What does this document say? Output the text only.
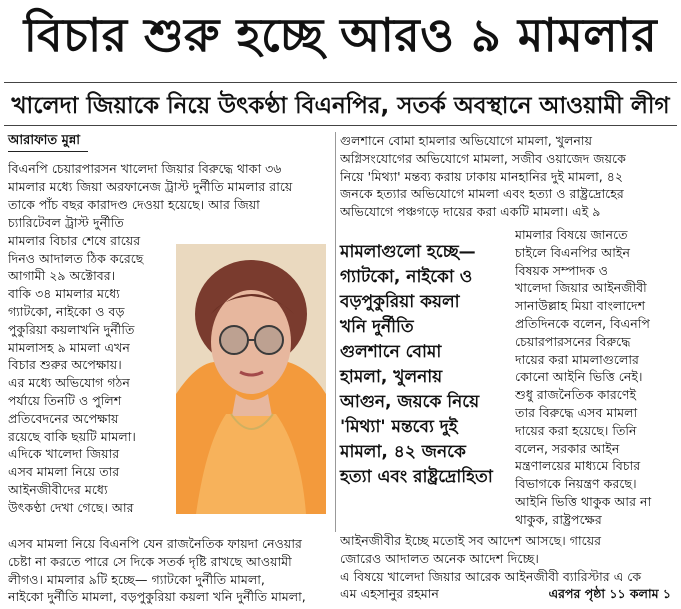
বিচার শুরু হচ্ছে আরও ৯ মামলার
খালেদা জিয়াকে নিয়ে উৎকণ্ঠা বিএনপির, সতর্ক অবস্থানে আওয়ামী লীগ
আরাফাত মুন্না
বিএনপি চেয়ারপারসন খালেদা জিয়ার বিরুদ্ধে থাকা ৩৬
মামলার মধ্যে জিয়া অরফানেজ ট্রাস্ট দুর্নীতি মামলার রায়ে
তাকে পাঁচ বছর কারাদণ্ড দেওয়া হয়েছে। আর জিয়া
চ্যারিটেবল ট্রাস্ট দুর্নীতি
মামলার বিচার শেষে রায়ের
দিনও আদালত ঠিক করেছে
আগামী ২৯ অক্টোবর।
বাকি ৩৪ মামলার মধ্যে
গ্যাটকো, নাইকো ও বড়
পুকুরিয়া কয়লাখনি দুর্নীতি
মামলাসহ ৯ মামলা এখন
বিচার শুরুর অপেক্ষায়।
এর মধ্যে অভিযোগ গঠন
পর্যায়ে তিনটি ও পুলিশ
প্রতিবেদনের অপেক্ষায়
রয়েছে বাকি ছয়টি মামলা।
এদিকে খালেদা জিয়ার
এসব মামলা নিয়ে তার
আইনজীবীদের মধ্যে
উৎকণ্ঠা দেখা গেছে। আর
মামলাগুলো হচ্ছে—
গ্যাটকো, নাইকো ও
বড়পুকুরিয়া কয়লা
খনি দুর্নীতি
গুলশানে বোমা
হামলা, খুলনায়
আগুন, জয়কে নিয়ে
'মিথ্যা' মন্তব্যে দুই
মামলা, ৪২ জনকে
হত্যা এবং রাষ্ট্রদ্রোহিতা
গুলশানে বোমা হামলার অভিযোগে মামলা, খুলনায়
অগ্নিসংযোগের অভিযোগে মামলা, সজীব ওয়াজেদ জয়কে
নিয়ে 'মিথ্যা' মন্তব্য করায় ঢাকায় মানহানির দুই মামলা, ৪২
জনকে হত্যার অভিযোগে মামলা এবং হত্যা ও রাষ্ট্রদ্রোহের
অভিযোগে পঞ্চগড়ে দায়ের করা একটি মামলা। এই ৯
মামলার বিষয়ে জানতে
চাইলে বিএনপির আইন
বিষয়ক সম্পাদক ও
খালেদা জিয়ার আইনজীবী
সানাউল্লাহ মিয়া বাংলাদেশ
প্রতিদিনকে বলেন, বিএনপি
চেয়ারপারসনের বিরুদ্ধে
দায়ের করা মামলাগুলোর
কোনো আইনি ভিত্তি নেই।
শুধু রাজনৈতিক কারণেই
তার বিরুদ্ধে এসব মামলা
দায়ের করা হয়েছে। তিনি
বলেন, সরকার আইন
মন্ত্রণালয়ের মাধ্যমে বিচার
বিভাগকে নিয়ন্ত্রণ করছে।
আইনি ভিত্তি থাকুক আর না
থাকুক, রাষ্ট্রপক্ষের
এসব মামলা নিয়ে বিএনপি যেন রাজনৈতিক ফায়দা নেওয়ার
চেষ্টা না করতে পারে সে দিকে সতর্ক দৃষ্টি রাখছে আওয়ামী
লীগও। মামলার ৯টি হচ্ছে— গ্যাটকো দুর্নীতি মামলা,
নাইকো দুর্নীতি মামলা, বড়পুকুরিয়া কয়লা খনি দুর্নীতি মামলা,
আইনজীবীর ইচ্ছে মতোই সব আদেশ আসছে। গায়ের
জোরেও আদালত অনেক আদেশ দিচ্ছে।
এ বিষয়ে খালেদা জিয়ার আরেক আইনজীবী ব্যারিস্টার এ কে
এম এহসানুর রহমান	এরপর পৃষ্ঠা ১১ কলাম ১
